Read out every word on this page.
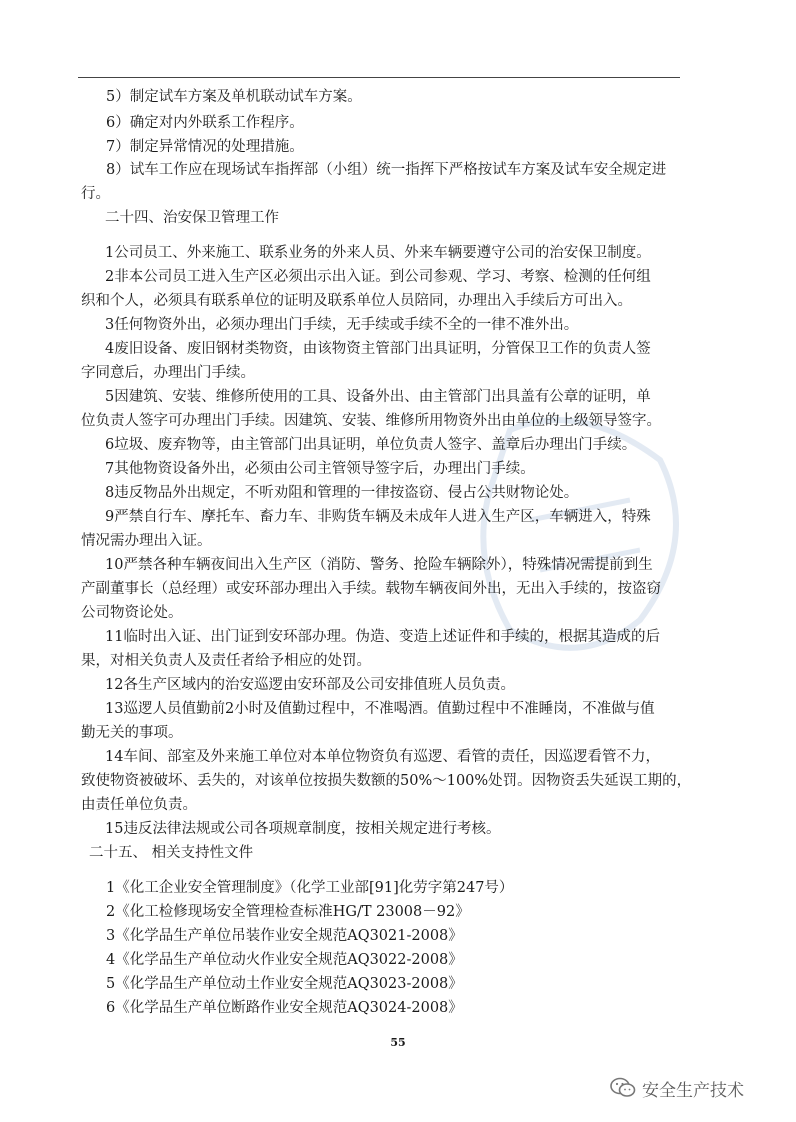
5）制定试车方案及单机联动试车方案。
6）确定对内外联系工作程序。
7）制定异常情况的处理措施。
8）试车工作应在现场试车指挥部（小组）统一指挥下严格按试车方案及试车安全规定进
行。
二十四、治安保卫管理工作
1公司员工、外来施工、联系业务的外来人员、外来车辆要遵守公司的治安保卫制度。
2非本公司员工进入生产区必须出示出入证。到公司参观、学习、考察、检测的任何组
织和个人，必须具有联系单位的证明及联系单位人员陪同，办理出入手续后方可出入。
3任何物资外出，必须办理出门手续，无手续或手续不全的一律不准外出。
4废旧设备、废旧钢材类物资，由该物资主管部门出具证明，分管保卫工作的负责人签
字同意后，办理出门手续。
5因建筑、安装、维修所使用的工具、设备外出、由主管部门出具盖有公章的证明，单
位负责人签字可办理出门手续。因建筑、安装、维修所用物资外出由单位的上级领导签字。
6垃圾、废弃物等，由主管部门出具证明，单位负责人签字、盖章后办理出门手续。
7其他物资设备外出，必须由公司主管领导签字后，办理出门手续。
8违反物品外出规定，不听劝阻和管理的一律按盗窃、侵占公共财物论处。
9严禁自行车、摩托车、畜力车、非购货车辆及未成年人进入生产区，车辆进入，特殊
情况需办理出入证。
10严禁各种车辆夜间出入生产区（消防、警务、抢险车辆除外），特殊情况需提前到生
产副董事长（总经理）或安环部办理出入手续。载物车辆夜间外出，无出入手续的，按盗窃
公司物资论处。
11临时出入证、出门证到安环部办理。伪造、变造上述证件和手续的，根据其造成的后
果，对相关负责人及责任者给予相应的处罚。
12各生产区域内的治安巡逻由安环部及公司安排值班人员负责。
13巡逻人员值勤前2小时及值勤过程中，不准喝酒。值勤过程中不准睡岗，不准做与值
勤无关的事项。
14车间、部室及外来施工单位对本单位物资负有巡逻、看管的责任，因巡逻看管不力，
致使物资被破坏、丢失的，对该单位按损失数额的50%～100%处罚。因物资丢失延误工期的，
由责任单位负责。
15违反法律法规或公司各项规章制度，按相关规定进行考核。
二十五、 相关支持性文件
1《化工企业安全管理制度》（化学工业部[91]化劳字第247号）
2《化工检修现场安全管理检查标准HG/T 23008－92》
3《化学品生产单位吊装作业安全规范AQ3021-2008》
4《化学品生产单位动火作业安全规范AQ3022-2008》
5《化学品生产单位动土作业安全规范AQ3023-2008》
6《化学品生产单位断路作业安全规范AQ3024-2008》
55
安全生产技术
